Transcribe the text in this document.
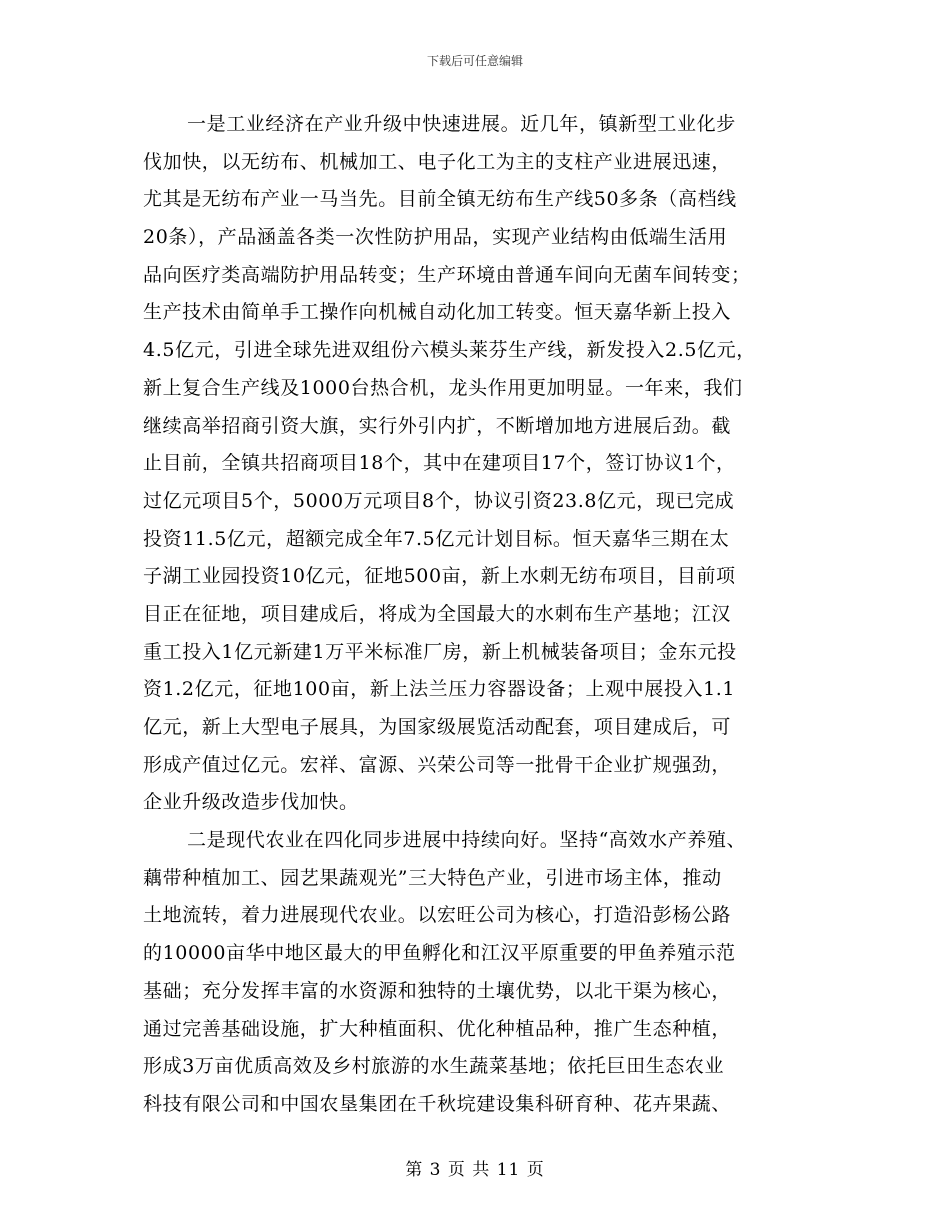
下载后可任意编辑
一是工业经济在产业升级中快速进展。近几年，镇新型工业化步
伐加快，以无纺布、机械加工、电子化工为主的支柱产业进展迅速，
尤其是无纺布产业一马当先。目前全镇无纺布生产线50多条（高档线
20条），产品涵盖各类一次性防护用品，实现产业结构由低端生活用
品向医疗类高端防护用品转变；生产环境由普通车间向无菌车间转变；
生产技术由简单手工操作向机械自动化加工转变。恒天嘉华新上投入
4.5亿元，引进全球先进双组份六模头莱芬生产线，新发投入2.5亿元，
新上复合生产线及1000台热合机，龙头作用更加明显。一年来，我们
继续高举招商引资大旗，实行外引内扩，不断增加地方进展后劲。截
止目前，全镇共招商项目18个，其中在建项目17个，签订协议1个，
过亿元项目5个，5000万元项目8个，协议引资23.8亿元，现已完成
投资11.5亿元，超额完成全年7.5亿元计划目标。恒天嘉华三期在太
子湖工业园投资10亿元，征地500亩，新上水刺无纺布项目，目前项
目正在征地，项目建成后，将成为全国最大的水刺布生产基地；江汉
重工投入1亿元新建1万平米标准厂房，新上机械装备项目；金东元投
资1.2亿元，征地100亩，新上法兰压力容器设备；上观中展投入1.1
亿元，新上大型电子展具，为国家级展览活动配套，项目建成后，可
形成产值过亿元。宏祥、富源、兴荣公司等一批骨干企业扩规强劲，
企业升级改造步伐加快。
二是现代农业在四化同步进展中持续向好。坚持“高效水产养殖、
藕带种植加工、园艺果蔬观光”三大特色产业，引进市场主体，推动
土地流转，着力进展现代农业。以宏旺公司为核心，打造沿彭杨公路
的10000亩华中地区最大的甲鱼孵化和江汉平原重要的甲鱼养殖示范
基础；充分发挥丰富的水资源和独特的土壤优势，以北干渠为核心，
通过完善基础设施，扩大种植面积、优化种植品种，推广生态种植，
形成3万亩优质高效及乡村旅游的水生蔬菜基地；依托巨田生态农业
科技有限公司和中国农垦集团在千秋垸建设集科研育种、花卉果蔬、
第 3 页 共 11 页
